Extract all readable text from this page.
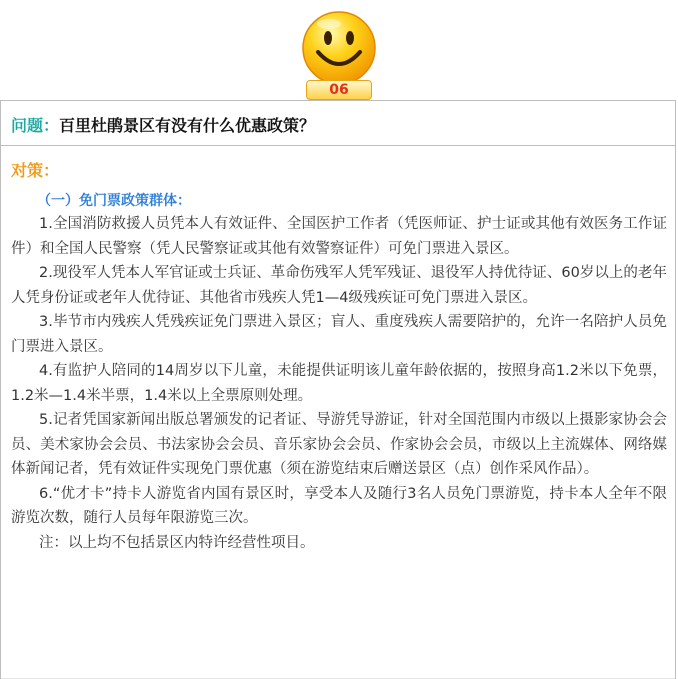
06
问题：百里杜鹃景区有没有什么优惠政策？
对策：
（一）免门票政策群体：

1.全国消防救援人员凭本人有效证件、全国医护工作者（凭医师证、护士证或其他有效医务工作证件）和全国人民警察（凭人民警察证或其他有效警察证件）可免门票进入景区。

2.现役军人凭本人军官证或士兵证、革命伤残军人凭军残证、退役军人持优待证、60岁以上的老年人凭身份证或老年人优待证、其他省市残疾人凭1—4级残疾证可免门票进入景区。

3.毕节市内残疾人凭残疾证免门票进入景区；盲人、重度残疾人需要陪护的，允许一名陪护人员免门票进入景区。

4.有监护人陪同的14周岁以下儿童，未能提供证明该儿童年龄依据的，按照身高1.2米以下免票，1.2米—1.4米半票，1.4米以上全票原则处理。

5.记者凭国家新闻出版总署颁发的记者证、导游凭导游证，针对全国范围内市级以上摄影家协会会员、美术家协会会员、书法家协会会员、音乐家协会会员、作家协会会员，市级以上主流媒体、网络媒体新闻记者，凭有效证件实现免门票优惠（须在游览结束后赠送景区（点）创作采风作品）。

6.“优才卡”持卡人游览省内国有景区时，享受本人及随行3名人员免门票游览，持卡本人全年不限游览次数，随行人员每年限游览三次。

注：以上均不包括景区内特许经营性项目。
